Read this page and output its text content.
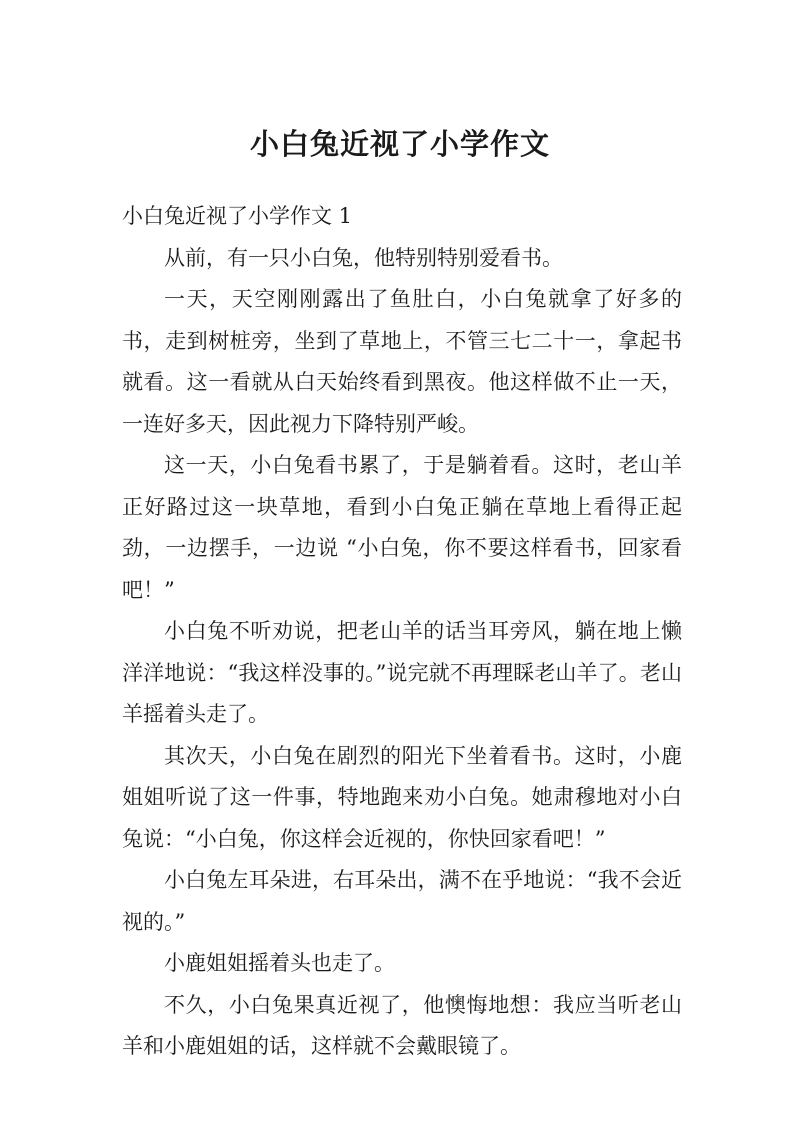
小白兔近视了小学作文

小白兔近视了小学作文 1

从前，有一只小白兔，他特别特别爱看书。

一天，天空刚刚露出了鱼肚白，小白兔就拿了好多的书，走到树桩旁，坐到了草地上，不管三七二十一，拿起书就看。这一看就从白天始终看到黑夜。他这样做不止一天，一连好多天，因此视力下降特别严峻。

这一天，小白兔看书累了，于是躺着看。这时，老山羊正好路过这一块草地，看到小白兔正躺在草地上看得正起劲，一边摆手，一边说 “小白兔，你不要这样看书，回家看吧！”

小白兔不听劝说，把老山羊的话当耳旁风，躺在地上懒洋洋地说：“我这样没事的。”说完就不再理睬老山羊了。老山羊摇着头走了。

其次天，小白兔在剧烈的阳光下坐着看书。这时，小鹿姐姐听说了这一件事，特地跑来劝小白兔。她肃穆地对小白兔说：“小白兔，你这样会近视的，你快回家看吧！”

小白兔左耳朵进，右耳朵出，满不在乎地说：“我不会近视的。”

小鹿姐姐摇着头也走了。

不久，小白兔果真近视了，他懊悔地想：我应当听老山羊和小鹿姐姐的话，这样就不会戴眼镜了。
